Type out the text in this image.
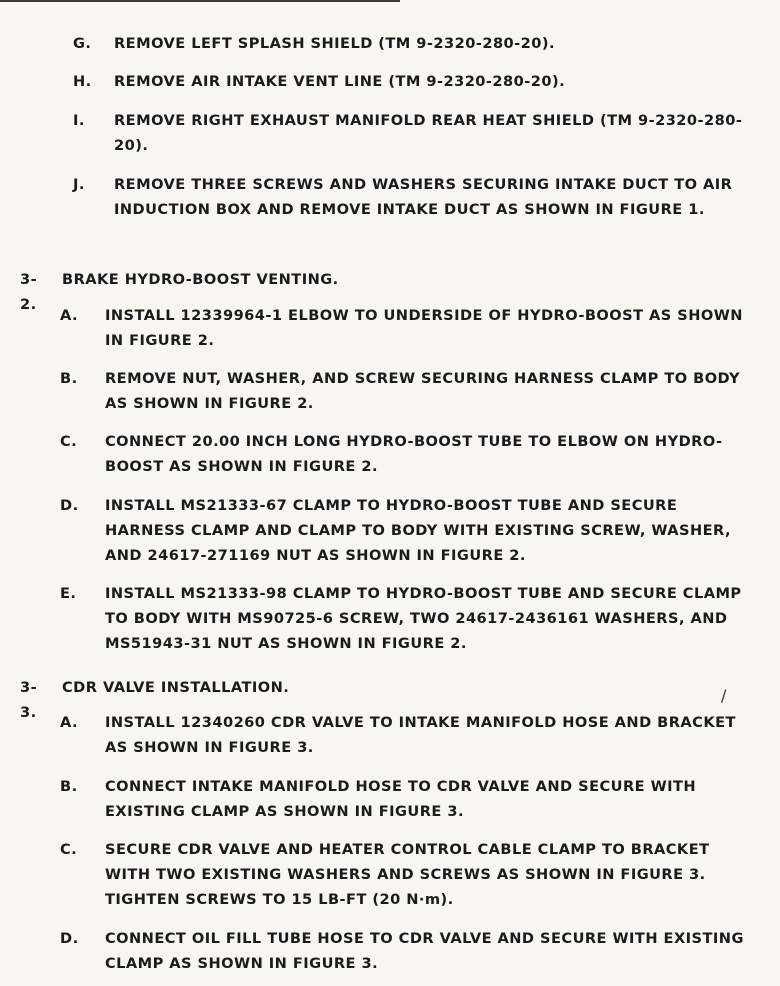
G. REMOVE LEFT SPLASH SHIELD (TM 9-2320-280-20).
H. REMOVE AIR INTAKE VENT LINE (TM 9-2320-280-20).
I. REMOVE RIGHT EXHAUST MANIFOLD REAR HEAT SHIELD (TM 9-2320-280-20).
J. REMOVE THREE SCREWS AND WASHERS SECURING INTAKE DUCT TO AIR INDUCTION BOX AND REMOVE INTAKE DUCT AS SHOWN IN FIGURE 1.
3-2.
BRAKE HYDRO-BOOST VENTING.
A. INSTALL 12339964-1 ELBOW TO UNDERSIDE OF HYDRO-BOOST AS SHOWN IN FIGURE 2.
B. REMOVE NUT, WASHER, AND SCREW SECURING HARNESS CLAMP TO BODY AS SHOWN IN FIGURE 2.
C. CONNECT 20.00 INCH LONG HYDRO-BOOST TUBE TO ELBOW ON HYDRO-BOOST AS SHOWN IN FIGURE 2.
D. INSTALL MS21333-67 CLAMP TO HYDRO-BOOST TUBE AND SECURE HARNESS CLAMP AND CLAMP TO BODY WITH EXISTING SCREW, WASHER, AND 24617-271169 NUT AS SHOWN IN FIGURE 2.
E. INSTALL MS21333-98 CLAMP TO HYDRO-BOOST TUBE AND SECURE CLAMP TO BODY WITH MS90725-6 SCREW, TWO 24617-2436161 WASHERS, AND MS51943-31 NUT AS SHOWN IN FIGURE 2.
3-3.
CDR VALVE INSTALLATION.
A. INSTALL 12340260 CDR VALVE TO INTAKE MANIFOLD HOSE AND BRACKET AS SHOWN IN FIGURE 3.
B. CONNECT INTAKE MANIFOLD HOSE TO CDR VALVE AND SECURE WITH EXISTING CLAMP AS SHOWN IN FIGURE 3.
C. SECURE CDR VALVE AND HEATER CONTROL CABLE CLAMP TO BRACKET WITH TWO EXISTING WASHERS AND SCREWS AS SHOWN IN FIGURE 3. TIGHTEN SCREWS TO 15 LB-FT (20 N·m).
D. CONNECT OIL FILL TUBE HOSE TO CDR VALVE AND SECURE WITH EXISTING CLAMP AS SHOWN IN FIGURE 3.
/
